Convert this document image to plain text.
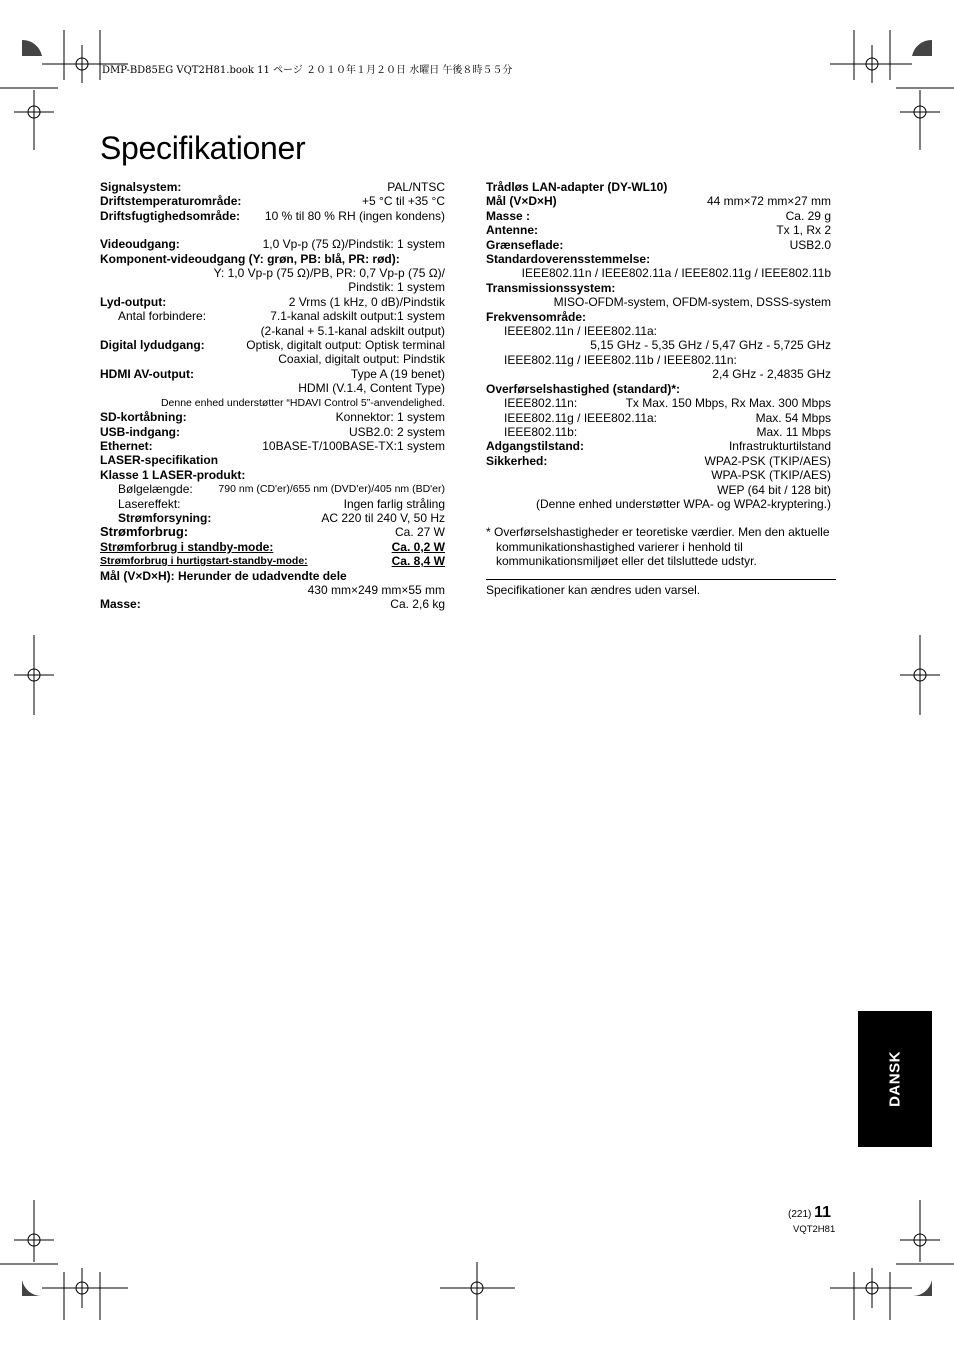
DMP-BD85EG VQT2H81.book 11 ページ ２０１０年１月２０日 水曜日 午後８時５５分
Specifikationer
Signalsystem:	PAL/NTSC
Driftstemperaturområde:	+5 °C til +35 °C
Driftsfugtighedsområde: 10 % til 80 % RH (ingen kondens)
Videoudgang:	1,0 Vp-p (75 Ω)/Pindstik: 1 system
Komponent-videoudgang (Y: grøn, PB: blå, PR: rød):
Y: 1,0 Vp-p (75 Ω)/PB, PR: 0,7 Vp-p (75 Ω)/
Pindstik: 1 system
Lyd-output:	2 Vrms (1 kHz, 0 dB)/Pindstik
Antal forbindere:	7.1-kanal adskilt output:1 system
(2-kanal + 5.1-kanal adskilt output)
Digital lydudgang:	Optisk, digitalt output: Optisk terminal
Coaxial, digitalt output: Pindstik
HDMI AV-output:	Type A (19 benet)
HDMI (V.1.4, Content Type)
Denne enhed understøtter “HDAVI Control 5”-anvendelighed.
SD-kortåbning:	Konnektor: 1 system
USB-indgang:	USB2.0: 2 system
Ethernet:	10BASE-T/100BASE-TX:1 system
LASER-specifikation
Klasse 1 LASER-produkt:
Bølgelængde: 790 nm (CD'er)/655 nm (DVD'er)/405 nm (BD'er)
Lasereffekt:	Ingen farlig stråling
Strømforsyning:	AC 220 til 240 V, 50 Hz
Strømforbrug:	Ca. 27 W
Strømforbrug i standby-mode:	Ca. 0,2 W
Strømforbrug i hurtigstart-standby-mode:	Ca. 8,4 W
Mål (V×D×H): Herunder de udadvendte dele
430 mm×249 mm×55 mm
Masse:	Ca. 2,6 kg
Trådløs LAN-adapter (DY-WL10)
Mål (V×D×H)	44 mm×72 mm×27 mm
Masse :	Ca. 29 g
Antenne:	Tx 1, Rx 2
Grænseflade:	USB2.0
Standardoverensstemmelse:
IEEE802.11n / IEEE802.11a / IEEE802.11g / IEEE802.11b
Transmissionssystem:
MISO-OFDM-system, OFDM-system, DSSS-system
Frekvensområde:
IEEE802.11n / IEEE802.11a:
5,15 GHz - 5,35 GHz / 5,47 GHz - 5,725 GHz
IEEE802.11g / IEEE802.11b / IEEE802.11n:
2,4 GHz - 2,4835 GHz
Overførselshastighed (standard)*:
IEEE802.11n:	Tx Max. 150 Mbps, Rx Max. 300 Mbps
IEEE802.11g / IEEE802.11a:	Max. 54 Mbps
IEEE802.11b:	Max. 11 Mbps
Adgangstilstand:	Infrastrukturtilstand
Sikkerhed:	WPA2-PSK (TKIP/AES)
WPA-PSK (TKIP/AES)
WEP (64 bit / 128 bit)
(Denne enhed understøtter WPA- og WPA2-kryptering.)
* Overførselshastigheder er teoretiske værdier. Men den aktuelle kommunikationshastighed varierer i henhold til kommunikationsmiljøet eller det tilsluttede udstyr.
Specifikationer kan ændres uden varsel.
DANSK
(221) 11
VQT2H81
